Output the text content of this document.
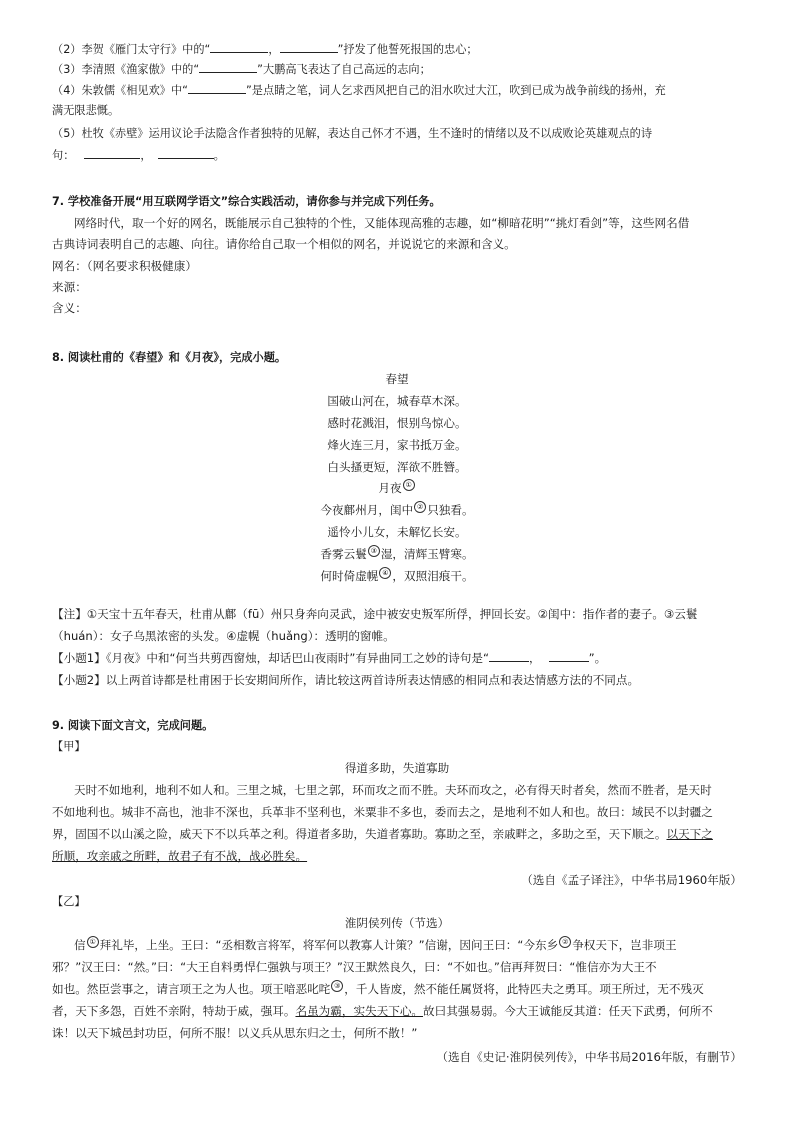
（2）李贺《雁门太守行》中的“	，	”抒发了他誓死报国的忠心；
（3）李清照《渔家傲》中的“	”大鹏高飞表达了自己高远的志向；
（4）朱敦儒《相见欢》中“	”是点睛之笔，词人乞求西风把自己的泪水吹过大江，吹到已成为战争前线的扬州，充
满无限悲慨。
（5）杜牧《赤壁》运用议论手法隐含作者独特的见解，表达自己怀才不遇，生不逢时的情绪以及不以成败论英雄观点的诗
句：	，	。
7. 学校准备开展“用互联网学语文”综合实践活动，请你参与并完成下列任务。
网络时代，取一个好的网名，既能展示自己独特的个性，又能体现高雅的志趣，如“柳暗花明”“挑灯看剑”等，这些网名借
古典诗词表明自己的志趣、向往。请你给自己取一个相似的网名，并说说它的来源和含义。
网名：（网名要求积极健康）
来源：
含义：
8. 阅读杜甫的《春望》和《月夜》，完成小题。
春望
国破山河在，城春草木深。
感时花溅泪，恨别鸟惊心。
烽火连三月，家书抵万金。
白头搔更短，浑欲不胜簪。
月夜 ①
今夜鄜州月，闺中 ② 只独看。
遥怜小儿女，未解忆长安。
香雾云鬟 ③ 湿，清辉玉臂寒。
何时倚虚幌 ④ ，双照泪痕干。
【注】①天宝十五年春天，杜甫从鄜（fū）州只身奔向灵武，途中被安史叛军所俘，押回长安。②闺中：指作者的妻子。③云鬟
（huán）：女子乌黑浓密的头发。④虚幌（huǎng）：透明的窗帷。
【小题1】《月夜》中和“何当共剪西窗烛，却话巴山夜雨时”有异曲同工之妙的诗句是“	，	”。
【小题2】以上两首诗都是杜甫困于长安期间所作，请比较这两首诗所表达情感的相同点和表达情感方法的不同点。
9. 阅读下面文言文，完成问题。
【甲】
得道多助，失道寡助
天时不如地利，地利不如人和。三里之城，七里之郭，环而攻之而不胜。夫环而攻之，必有得天时者矣，然而不胜者，是天时
不如地利也。城非不高也，池非不深也，兵革非不坚利也，米粟非不多也，委而去之，是地利不如人和也。故曰：域民不以封疆之
界，固国不以山溪之险，威天下不以兵革之利。得道者多助，失道者寡助。寡助之至，亲戚畔之，多助之至，天下顺之。以天下之
所顺，攻亲戚之所畔，故君子有不战，战必胜矣。
（选自《孟子译注》，中华书局1960年版）
【乙】
淮阴侯列传（节选）
信 ① 拜礼毕，上坐。王曰：“丞相数言将军，将军何以教寡人计策？”信谢，因问王曰：“今东乡 ② 争权天下，岂非项王
邪？”汉王曰：“然。”曰：“大王自料勇悍仁强孰与项王？”汉王默然良久，曰：“不如也。”信再拜贺曰：“惟信亦为大王不
如也。然臣尝事之，请言项王之为人也。项王喑恶叱咤 ③ ，千人皆废，然不能任属贤将，此特匹夫之勇耳。项王所过，无不残灭
者，天下多怨，百姓不亲附，特劫于威，强耳。名虽为霸，实失天下心。故曰其强易弱。今大王诚能反其道：任天下武勇，何所不
诛！以天下城邑封功臣，何所不服！以义兵从思东归之士，何所不散！”
（选自《史记·淮阴侯列传》，中华书局2016年版，有删节）
